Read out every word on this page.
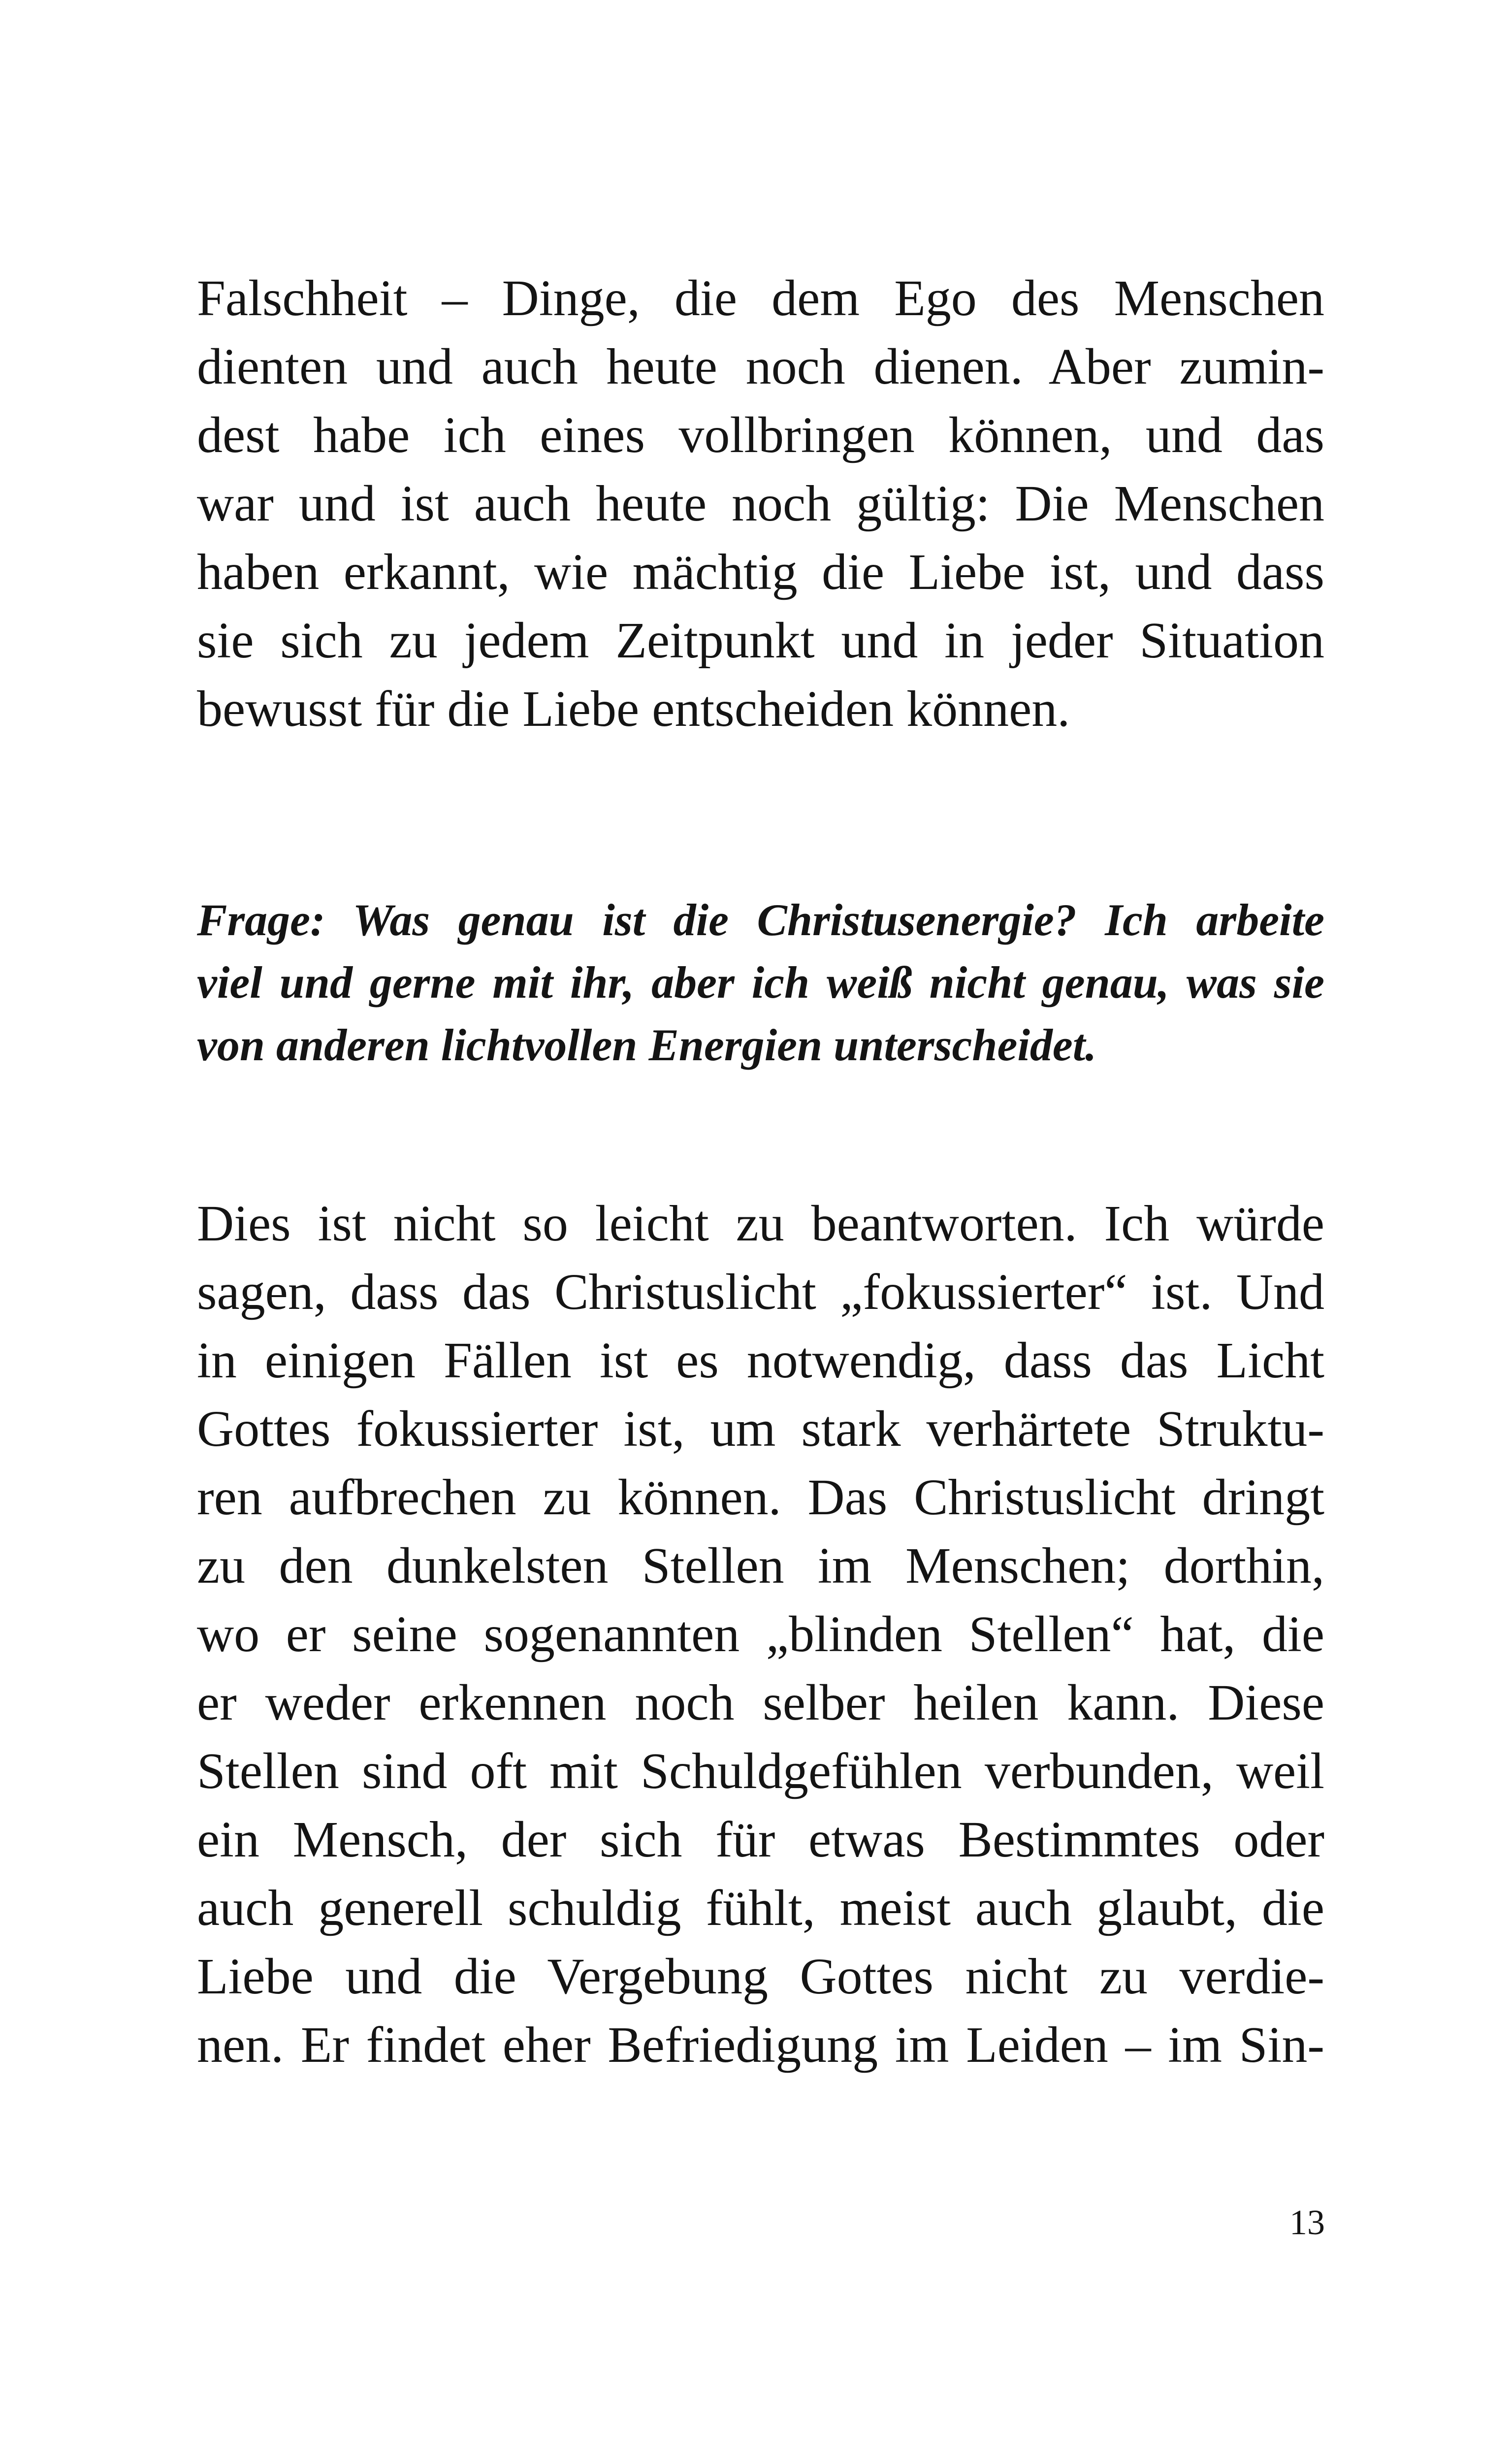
Falschheit – Dinge, die dem Ego des Menschen
dienten und auch heute noch dienen. Aber zumin-
dest habe ich eines vollbringen können, und das
war und ist auch heute noch gültig: Die Menschen
haben erkannt, wie mächtig die Liebe ist, und dass
sie sich zu jedem Zeitpunkt und in jeder Situation
bewusst für die Liebe entscheiden können.

Frage: Was genau ist die Christusenergie? Ich arbeite
viel und gerne mit ihr, aber ich weiß nicht genau, was sie
von anderen lichtvollen Energien unterscheidet.

Dies ist nicht so leicht zu beantworten. Ich würde
sagen, dass das Christuslicht „fokussierter“ ist. Und
in einigen Fällen ist es notwendig, dass das Licht
Gottes fokussierter ist, um stark verhärtete Struktu-
ren aufbrechen zu können. Das Christuslicht dringt
zu den dunkelsten Stellen im Menschen; dorthin,
wo er seine sogenannten „blinden Stellen“ hat, die
er weder erkennen noch selber heilen kann. Diese
Stellen sind oft mit Schuldgefühlen verbunden, weil
ein Mensch, der sich für etwas Bestimmtes oder
auch generell schuldig fühlt, meist auch glaubt, die
Liebe und die Vergebung Gottes nicht zu verdie-
nen. Er findet eher Befriedigung im Leiden – im Sin-

13
